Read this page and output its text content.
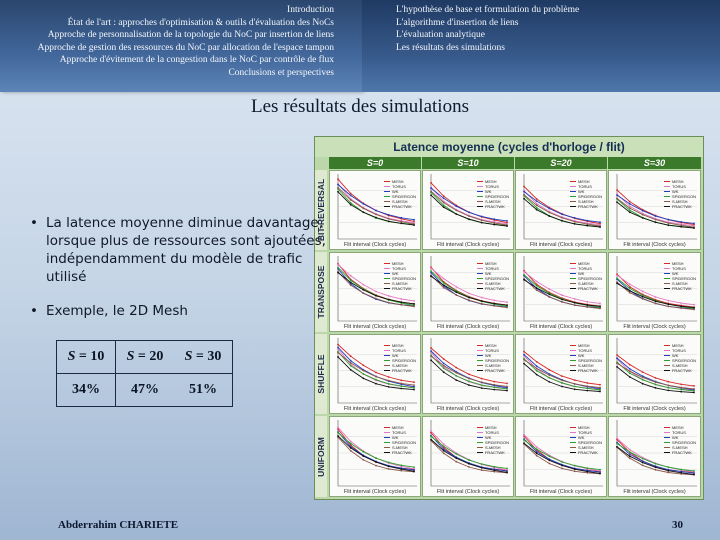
Introduction
État de l'art : approches d'optimisation & outils d'évaluation des NoCs
Approche de personnalisation de la topologie du NoC par insertion de liens
Approche de gestion des ressources du NoC par allocation de l'espace tampon
Approche d'évitement de la congestion dans le NoC par contrôle de flux
Conclusions et perspectives
L'hypothèse de base et formulation du problème
L'algorithme d'insertion de liens
L'évaluation analytique
Les résultats des simulations
Les résultats des simulations
Latence moyenne (cycles d'horloge / flit)
S=0	S=10	S=20	S=30
BIT-REVERSAL
TRANSPOSE
SHUFFLE
UNIFORM
MESH
TORUS
WK
SPIDERGON
S-MESH
FRACTWK
Flit interval (Clock cycles)
MESH
TORUS
WK
SPIDERGON
S-MESH
FRACTWK
Flit interval (Clock cycles)
MESH
TORUS
WK
SPIDERGON
S-MESH
FRACTWK
Flit interval (Clock cycles)
MESH
TORUS
WK
SPIDERGON
S-MESH
FRACTWK
Flit interval (Clock cycles)
MESH
TORUS
WK
SPIDERGON
S-MESH
FRACTWK
Flit interval (Clock cycles)
MESH
TORUS
WK
SPIDERGON
S-MESH
FRACTWK
Flit interval (Clock cycles)
MESH
TORUS
WK
SPIDERGON
S-MESH
FRACTWK
Flit interval (Clock cycles)
MESH
TORUS
WK
SPIDERGON
S-MESH
FRACTWK
Flit interval (Clock cycles)
MESH
TORUS
WK
SPIDERGON
S-MESH
FRACTWK
Flit interval (Clock cycles)
MESH
TORUS
WK
SPIDERGON
S-MESH
FRACTWK
Flit interval (Clock cycles)
MESH
TORUS
WK
SPIDERGON
S-MESH
FRACTWK
Flit interval (Clock cycles)
MESH
TORUS
WK
SPIDERGON
S-MESH
FRACTWK
Flit interval (Clock cycles)
MESH
TORUS
WK
SPIDERGON
S-MESH
FRACTWK
Flit interval (Clock cycles)
MESH
TORUS
WK
SPIDERGON
S-MESH
FRACTWK
Flit interval (Clock cycles)
MESH
TORUS
WK
SPIDERGON
S-MESH
FRACTWK
Flit interval (Clock cycles)
MESH
TORUS
WK
SPIDERGON
S-MESH
FRACTWK
Flit interval (Clock cycles)
• La latence moyenne diminue davantage, lorsque plus de ressources sont ajoutées, indépendamment du modèle de trafic utilisé
• Exemple, le 2D Mesh
S = 10	S = 20	S = 30
34%	47%	51%
Abderrahim CHARIETE	30
